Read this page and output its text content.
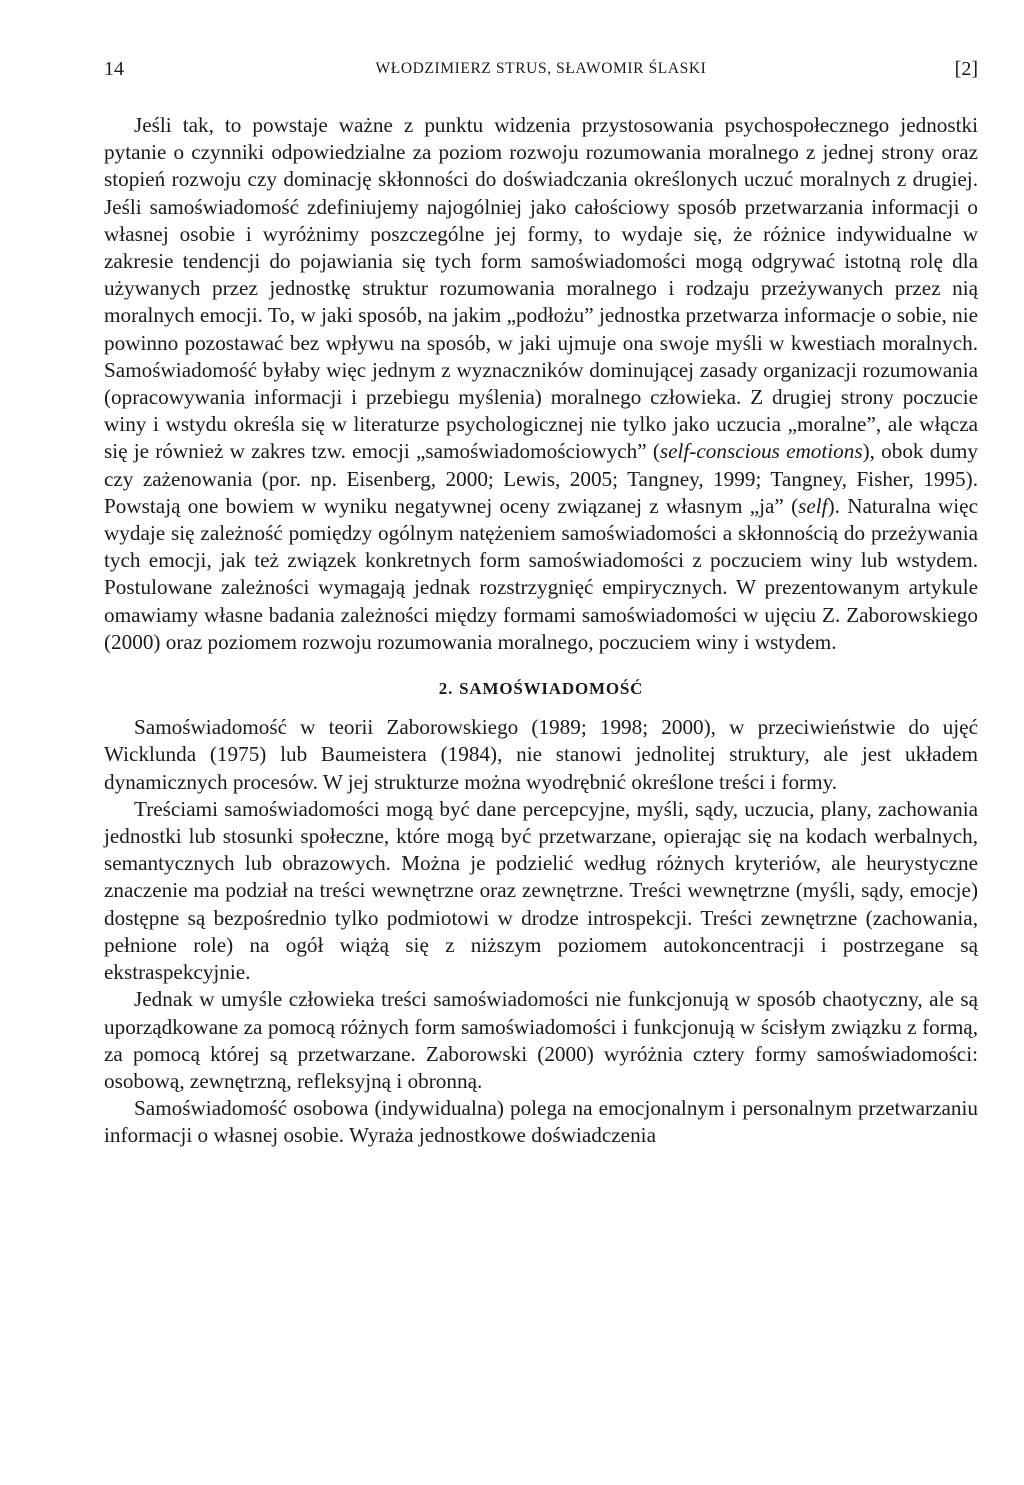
14	WŁODZIMIERZ STRUS, SŁAWOMIR ŚLASKI	[2]

Jeśli tak, to powstaje ważne z punktu widzenia przystosowania psychospołecznego jednostki pytanie o czynniki odpowiedzialne za poziom rozwoju rozumowania moralnego z jednej strony oraz stopień rozwoju czy dominację skłonności do doświadczania określonych uczuć moralnych z drugiej. Jeśli samoświadomość zdefiniujemy najogólniej jako całościowy sposób przetwarzania informacji o własnej osobie i wyróżnimy poszczególne jej formy, to wydaje się, że różnice indywidualne w zakresie tendencji do pojawiania się tych form samoświadomości mogą odgrywać istotną rolę dla używanych przez jednostkę struktur rozumowania moralnego i rodzaju przeżywanych przez nią moralnych emocji. To, w jaki sposób, na jakim „podłożu” jednostka przetwarza informacje o sobie, nie powinno pozostawać bez wpływu na sposób, w jaki ujmuje ona swoje myśli w kwestiach moralnych. Samoświadomość byłaby więc jednym z wyznaczników dominującej zasady organizacji rozumowania (opracowywania informacji i przebiegu myślenia) moralnego człowieka. Z drugiej strony poczucie winy i wstydu określa się w literaturze psychologicznej nie tylko jako uczucia „moralne”, ale włącza się je również w zakres tzw. emocji „samoświadomościowych” (self-conscious emotions), obok dumy czy zażenowania (por. np. Eisenberg, 2000; Lewis, 2005; Tangney, 1999; Tangney, Fisher, 1995). Powstają one bowiem w wyniku negatywnej oceny związanej z własnym „ja” (self). Naturalna więc wydaje się zależność pomiędzy ogólnym natężeniem samoświadomości a skłonnością do przeżywania tych emocji, jak też związek konkretnych form samoświadomości z poczuciem winy lub wstydem. Postulowane zależności wymagają jednak rozstrzygnięć empirycznych. W prezentowanym artykule omawiamy własne badania zależności między formami samoświadomości w ujęciu Z. Zaborowskiego (2000) oraz poziomem rozwoju rozumowania moralnego, poczuciem winy i wstydem.

2. SAMOŚWIADOMOŚĆ

Samoświadomość w teorii Zaborowskiego (1989; 1998; 2000), w przeciwieństwie do ujęć Wicklunda (1975) lub Baumeistera (1984), nie stanowi jednolitej struktury, ale jest układem dynamicznych procesów. W jej strukturze można wyodrębnić określone treści i formy.

Treściami samoświadomości mogą być dane percepcyjne, myśli, sądy, uczucia, plany, zachowania jednostki lub stosunki społeczne, które mogą być przetwarzane, opierając się na kodach werbalnych, semantycznych lub obrazowych. Można je podzielić według różnych kryteriów, ale heurystyczne znaczenie ma podział na treści wewnętrzne oraz zewnętrzne. Treści wewnętrzne (myśli, sądy, emocje) dostępne są bezpośrednio tylko podmiotowi w drodze introspekcji. Treści zewnętrzne (zachowania, pełnione role) na ogół wiążą się z niższym poziomem autokoncentracji i postrzegane są ekstraspekcyjnie.

Jednak w umyśle człowieka treści samoświadomości nie funkcjonują w sposób chaotyczny, ale są uporządkowane za pomocą różnych form samoświadomości i funkcjonują w ścisłym związku z formą, za pomocą której są przetwarzane. Zaborowski (2000) wyróżnia cztery formy samoświadomości: osobową, zewnętrzną, refleksyjną i obronną.

Samoświadomość osobowa (indywidualna) polega na emocjonalnym i personalnym przetwarzaniu informacji o własnej osobie. Wyraża jednostkowe doświadczenia
